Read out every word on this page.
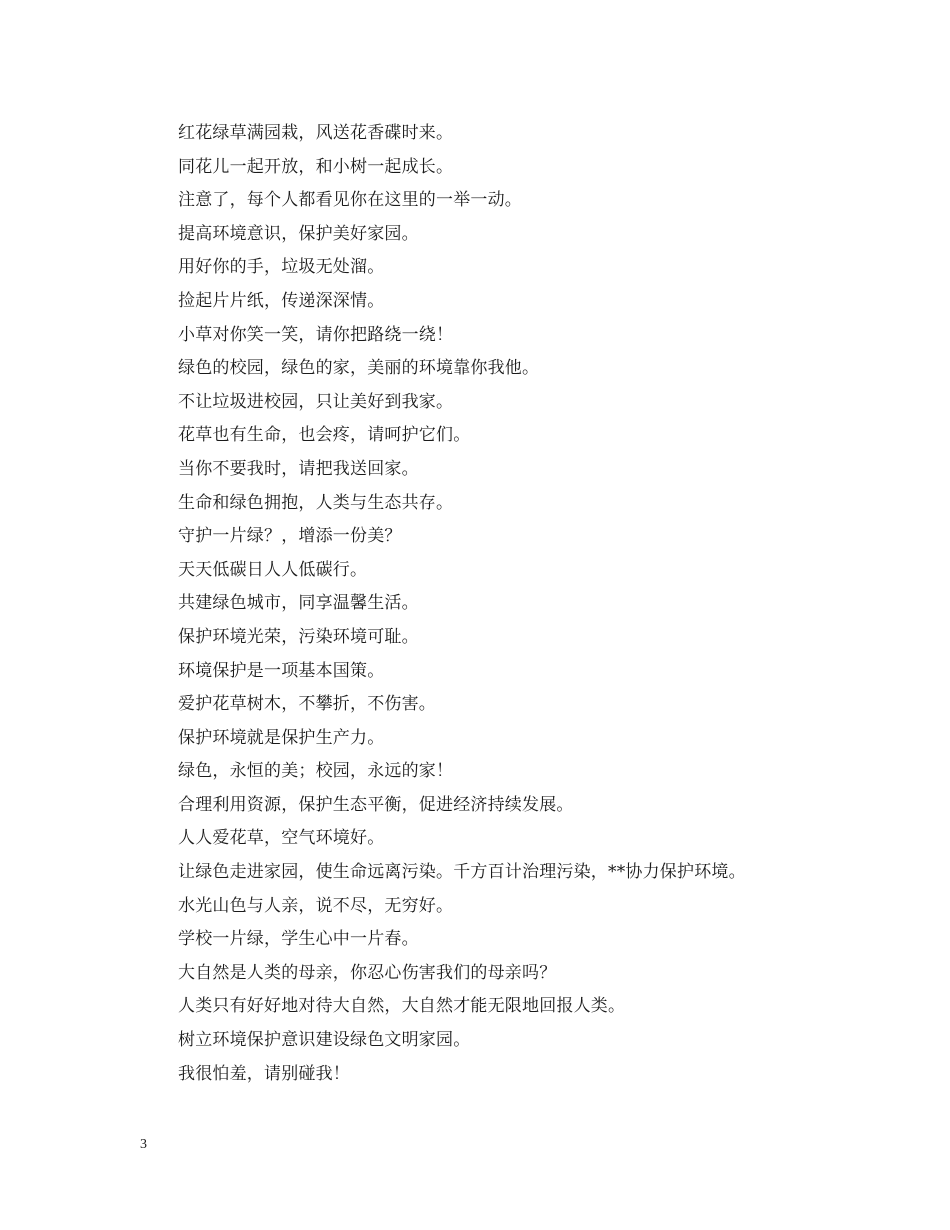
红花绿草满园栽，风送花香碟时来。
同花儿一起开放，和小树一起成长。
注意了，每个人都看见你在这里的一举一动。
提高环境意识，保护美好家园。
用好你的手，垃圾无处溜。
捡起片片纸，传递深深情。
小草对你笑一笑，请你把路绕一绕！
绿色的校园，绿色的家，美丽的环境靠你我他。
不让垃圾进校园，只让美好到我家。
花草也有生命，也会疼，请呵护它们。
当你不要我时，请把我送回家。
生命和绿色拥抱，人类与生态共存。
守护一片绿？，增添一份美？
天天低碳日人人低碳行。
共建绿色城市，同享温馨生活。
保护环境光荣，污染环境可耻。
环境保护是一项基本国策。
爱护花草树木，不攀折，不伤害。
保护环境就是保护生产力。
绿色，永恒的美；校园，永远的家！
合理利用资源，保护生态平衡，促进经济持续发展。
人人爱花草，空气环境好。
让绿色走进家园，使生命远离污染。千方百计治理污染，**协力保护环境。
水光山色与人亲，说不尽，无穷好。
学校一片绿，学生心中一片春。
大自然是人类的母亲，你忍心伤害我们的母亲吗？
人类只有好好地对待大自然，大自然才能无限地回报人类。
树立环境保护意识建设绿色文明家园。
我很怕羞，请别碰我！
3
